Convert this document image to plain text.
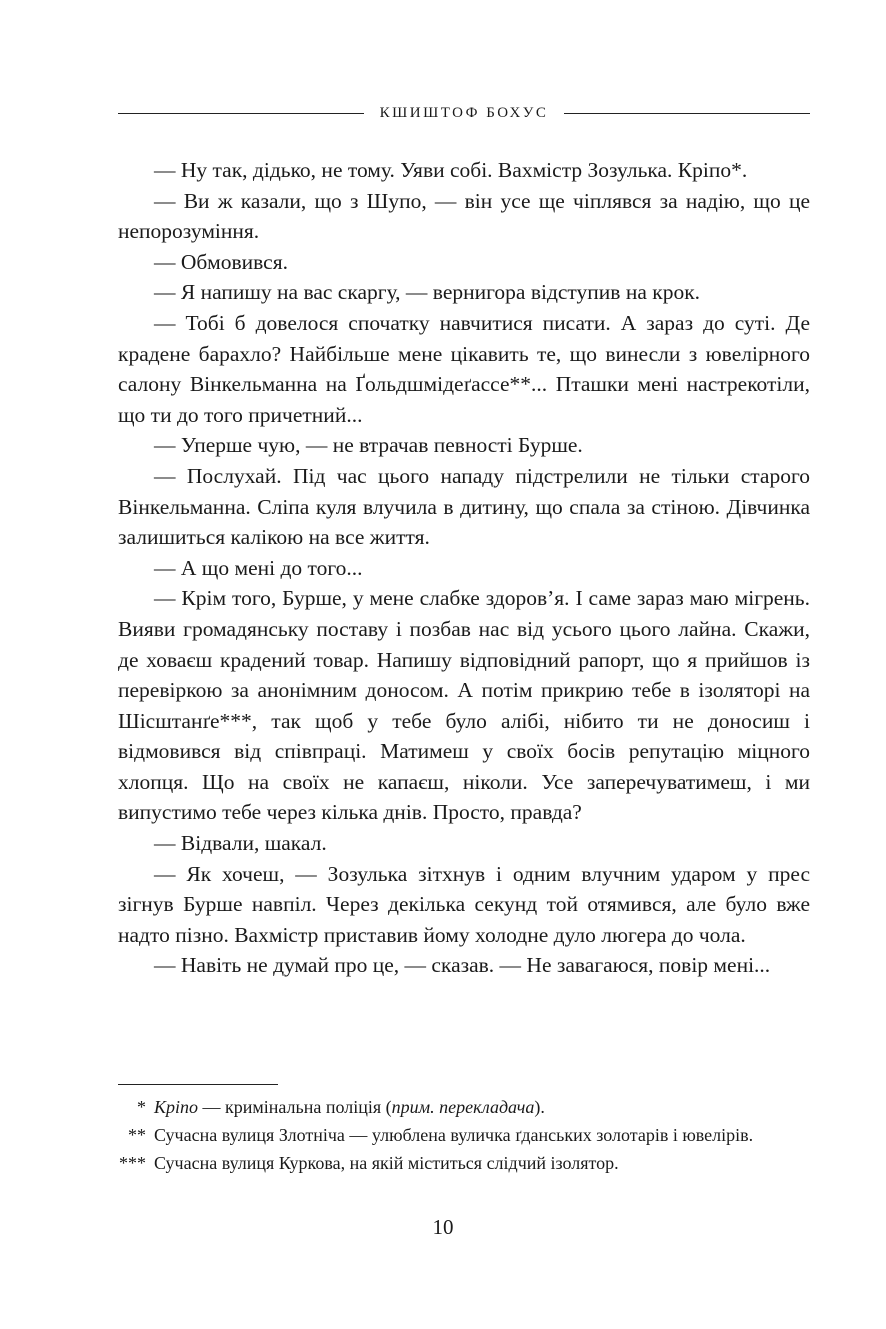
КШИШТОФ БОХУС

— Ну так, дідько, не тому. Уяви собі. Вахмістр Зозулька. Кріпо*.

— Ви ж казали, що з Шупо, — він усе ще чіплявся за надію, що це непорозуміння.

— Обмовився.

— Я напишу на вас скаргу, — вернигора відступив на крок.

— Тобі б довелося спочатку навчитися писати. А зараз до суті. Де крадене барахло? Найбільше мене цікавить те, що винесли з ювелірного салону Вінкельманна на Ґольдшмідеґассе**... Пташки мені настрекотіли, що ти до того причетний...

— Уперше чую, — не втрачав певності Бурше.

— Послухай. Під час цього нападу підстрелили не тільки старого Вінкельманна. Сліпа куля влучила в дитину, що спала за стіною. Дівчинка залишиться калікою на все життя.

— А що мені до того...

— Крім того, Бурше, у мене слабке здоров’я. І саме зараз маю мігрень. Вияви громадянську поставу і позбав нас від усього цього лайна. Скажи, де ховаєш крадений товар. Напишу відповідний рапорт, що я прийшов із перевіркою за анонімним доносом. А потім прикрию тебе в ізоляторі на Шісштанґе***, так щоб у тебе було алібі, нібито ти не доносиш і відмовився від співпраці. Матимеш у своїх босів репутацію міцного хлопця. Що на своїх не капаєш, ніколи. Усе заперечуватимеш, і ми випустимо тебе через кілька днів. Просто, правда?

— Відвали, шакал.

— Як хочеш, — Зозулька зітхнув і одним влучним ударом у прес зігнув Бурше навпіл. Через декілька секунд той отямився, але було вже надто пізно. Вахмістр приставив йому холодне дуло люгера до чола.

— Навіть не думай про це, — сказав. — Не завагаюся, повір мені...

* Кріпо — кримінальна поліція (прим. перекладача).
** Сучасна вулиця Злотніча — улюблена вуличка ґданських золотарів і ювелірів.
*** Сучасна вулиця Куркова, на якій міститься слідчий ізолятор.
10
